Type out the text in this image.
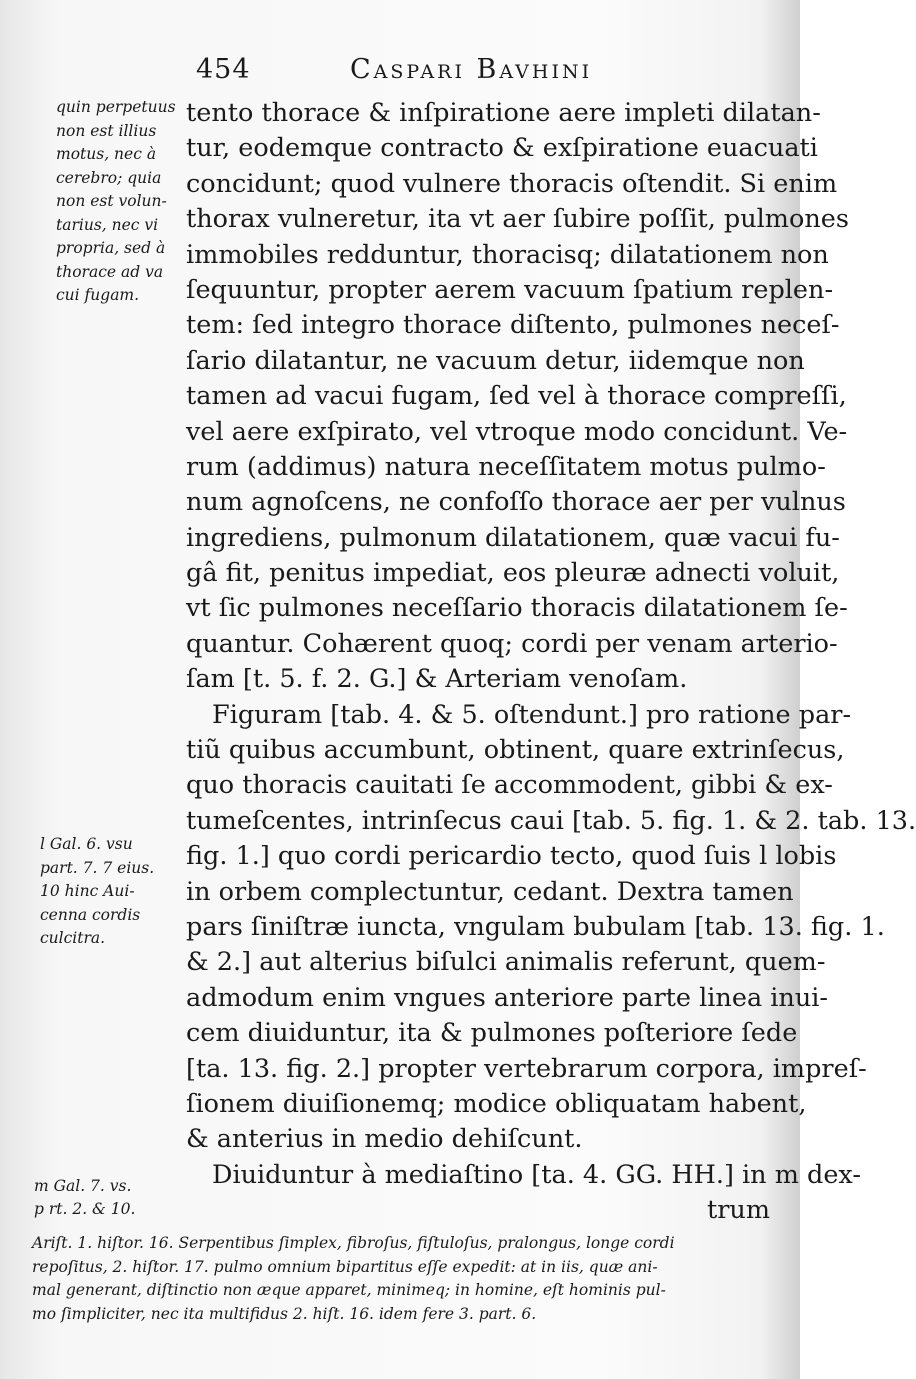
454	Caspari Bavhini
quin perpetuus
non est illius
motus, nec à
cerebro; quia
non est volun-
tarius, nec vi
propria, sed à
thorace ad va
cui fugam.
l Gal. 6. vsu
part. 7. 7 eius.
10 hinc Aui-
cenna cordis
culcitra.
m Gal. 7. vs.
p rt. 2. & 10.
tento thorace & inſpiratione aere impleti dilatan-
tur, eodemque contracto & exſpiratione euacuati
concidunt; quod vulnere thoracis oſtendit. Si enim
thorax vulneretur, ita vt aer ſubire poſſit, pulmones
immobiles redduntur, thoracisq; dilatationem non
ſequuntur, propter aerem vacuum ſpatium replen-
tem: ſed integro thorace diſtento, pulmones neceſ-
ſario dilatantur, ne vacuum detur, iidemque non
tamen ad vacui fugam, ſed vel à thorace compreſſi,
vel aere exſpirato, vel vtroque modo concidunt. Ve-
rum (addimus) natura neceſſitatem motus pulmo-
num agnoſcens, ne confoſſo thorace aer per vulnus
ingrediens, pulmonum dilatationem, quæ vacui fu-
gâ fit, penitus impediat, eos pleuræ adnecti voluit,
vt ſic pulmones neceſſario thoracis dilatationem ſe-
quantur. Cohærent quoq; cordi per venam arterio-
ſam [t. 5. f. 2. G.] & Arteriam venoſam.
Figuram [tab. 4. & 5. oſtendunt.] pro ratione par-
tiũ quibus accumbunt, obtinent, quare extrinſecus,
quo thoracis cauitati ſe accommodent, gibbi & ex-
tumeſcentes, intrinſecus caui [tab. 5. fig. 1. & 2. tab. 13.
fig. 1.] quo cordi pericardio tecto, quod ſuis l lobis
in orbem complectuntur, cedant. Dextra tamen
pars ſiniſtræ iuncta, vngulam bubulam [tab. 13. fig. 1.
& 2.] aut alterius biſulci animalis referunt, quem-
admodum enim vngues anteriore parte linea inui-
cem diuiduntur, ita & pulmones poſteriore ſede
[ta. 13. fig. 2.] propter vertebrarum corpora, impreſ-
ſionem diuiſionemq; modice obliquatam habent,
& anterius in medio dehiſcunt.
Diuiduntur à mediaſtino [ta. 4. GG. HH.] in m dex-
trum
Ariſt. 1. hiſtor. 16. Serpentibus ſimplex, fibroſus, fiſtuloſus, pralongus, longe cordi
repoſitus, 2. hiſtor. 17. pulmo omnium bipartitus eſſe expedit: at in iis, quæ ani-
mal generant, diſtinctio non æque apparet, minimeq; in homine, eſt hominis pul-
mo ſimpliciter, nec ita multifidus 2. hiſt. 16. idem fere 3. part. 6.
